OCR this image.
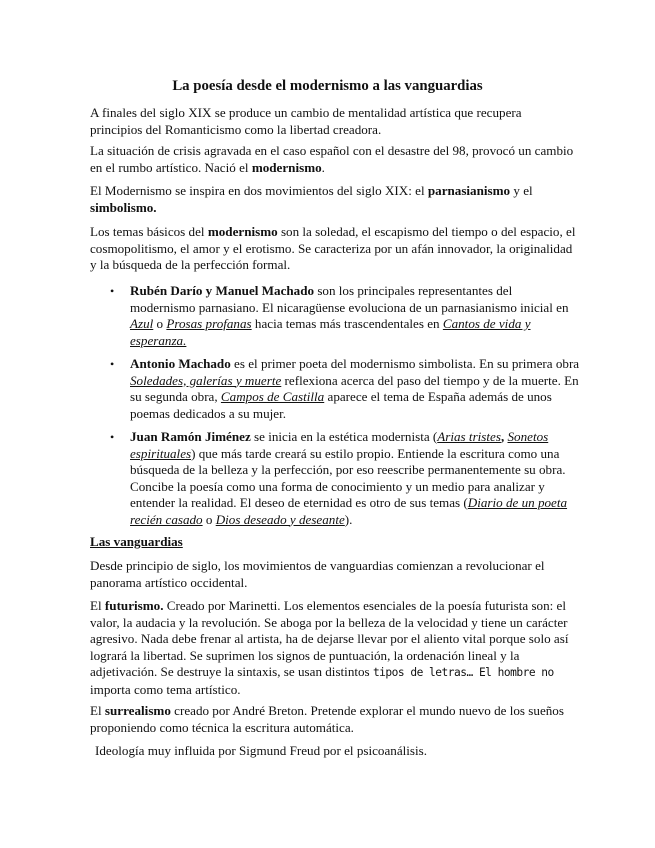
La poesía desde el modernismo a las vanguardias

A finales del siglo XIX se produce un cambio de mentalidad artística que recupera principios del Romanticismo como la libertad creadora.

La situación de crisis agravada en el caso español con el desastre del 98, provocó un cambio en el rumbo artístico. Nació el modernismo.

El Modernismo se inspira en dos movimientos del siglo XIX: el parnasianismo y el simbolismo.

Los temas básicos del modernismo son la soledad, el escapismo del tiempo o del espacio, el cosmopolitismo, el amor y el erotismo. Se caracteriza por un afán innovador, la originalidad y la búsqueda de la perfección formal.

• Rubén Darío y Manuel Machado son los principales representantes del modernismo parnasiano. El nicaragüense evoluciona de un parnasianismo inicial en Azul o Prosas profanas hacia temas más trascendentales en Cantos de vida y esperanza.
• Antonio Machado es el primer poeta del modernismo simbolista. En su primera obra Soledades, galerías y muerte reflexiona acerca del paso del tiempo y de la muerte. En su segunda obra, Campos de Castilla aparece el tema de España además de unos poemas dedicados a su mujer.
• Juan Ramón Jiménez se inicia en la estética modernista (Arias tristes, Sonetos espirituales) que más tarde creará su estilo propio. Entiende la escritura como una búsqueda de la belleza y la perfección, por eso reescribe permanentemente su obra. Concibe la poesía como una forma de conocimiento y un medio para analizar y entender la realidad. El deseo de eternidad es otro de sus temas (Diario de un poeta recién casado o Dios deseado y deseante).
Las vanguardias

Desde principio de siglo, los movimientos de vanguardias comienzan a revolucionar el panorama artístico occidental.

El futurismo. Creado por Marinetti. Los elementos esenciales de la poesía futurista son: el valor, la audacia y la revolución. Se aboga por la belleza de la velocidad y tiene un carácter agresivo. Nada debe frenar al artista, ha de dejarse llevar por el aliento vital porque solo así logrará la libertad. Se suprimen los signos de puntuación, la ordenación lineal y la adjetivación. Se destruye la sintaxis, se usan distintos tipos de letras… El hombre no importa como tema artístico.

El surrealismo creado por André Breton. Pretende explorar el mundo nuevo de los sueños proponiendo como técnica la escritura automática.

Ideología muy influida por Sigmund Freud por el psicoanálisis.
